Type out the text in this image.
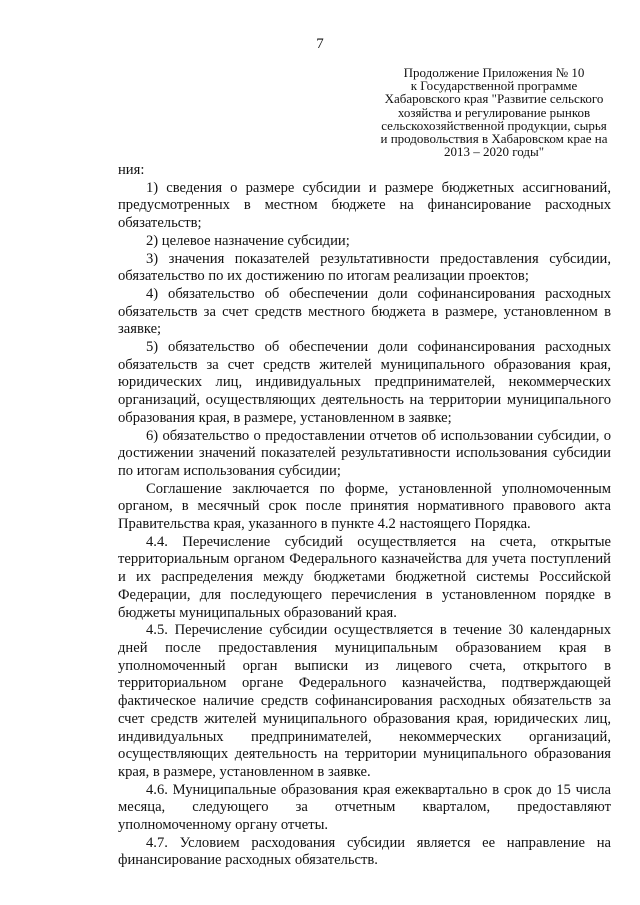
7
Продолжение Приложения № 10
к Государственной программе
Хабаровского края "Развитие сельского
хозяйства и регулирование рынков
сельскохозяйственной продукции, сырья
и продовольствия в Хабаровском крае на
2013 – 2020 годы"

ния:

1) сведения о размере субсидии и размере бюджетных ассигнований, предусмотренных в местном бюджете на финансирование расходных обязательств;

2) целевое назначение субсидии;

3) значения показателей результативности предоставления субсидии, обязательство по их достижению по итогам реализации проектов;

4) обязательство об обеспечении доли софинансирования расходных обязательств за счет средств местного бюджета в размере, установленном в заявке;

5) обязательство об обеспечении доли софинансирования расходных обязательств за счет средств жителей муниципального образования края, юридических лиц, индивидуальных предпринимателей, некоммерческих организаций, осуществляющих деятельность на территории муниципального образования края, в размере, установленном в заявке;

6) обязательство о предоставлении отчетов об использовании субсидии, о достижении значений показателей результативности использования субсидии по итогам использования субсидии;

Соглашение заключается по форме, установленной уполномоченным органом, в месячный срок после принятия нормативного правового акта Правительства края, указанного в пункте 4.2 настоящего Порядка.

4.4. Перечисление субсидий осуществляется на счета, открытые территориальным органом Федерального казначейства для учета поступлений и их распределения между бюджетами бюджетной системы Российской Федерации, для последующего перечисления в установленном порядке в бюджеты муниципальных образований края.

4.5. Перечисление субсидии осуществляется в течение 30 календарных дней после предоставления муниципальным образованием края в уполномоченный орган выписки из лицевого счета, открытого в территориальном органе Федерального казначейства, подтверждающей фактическое наличие средств софинансирования расходных обязательств за счет средств жителей муниципального образования края, юридических лиц, индивидуальных предпринимателей, некоммерческих организаций, осуществляющих деятельность на территории муниципального образования края, в размере, установленном в заявке.

4.6. Муниципальные образования края ежеквартально в срок до 15 числа месяца, следующего за отчетным кварталом, предоставляют уполномоченному органу отчеты.

4.7. Условием расходования субсидии является ее направление на финансирование расходных обязательств.
